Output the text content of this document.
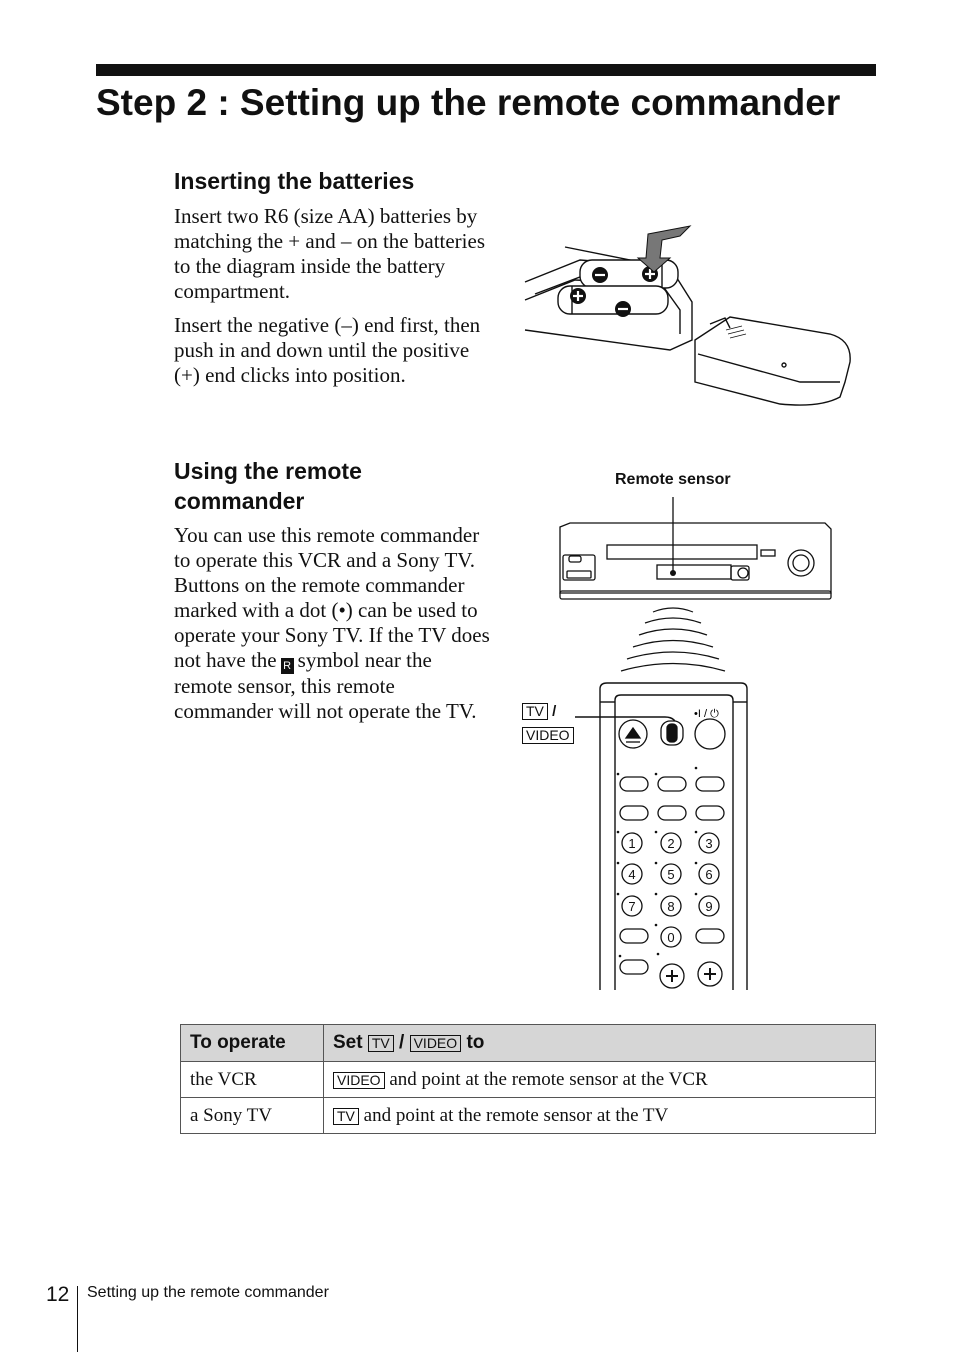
Step 2 : Setting up the remote commander
Inserting the batteries

Insert two R6 (size AA) batteries by matching the + and – on the batteries to the diagram inside the battery compartment.

Insert the negative (–) end first, then push in and down until the positive (+) end clicks into position.

Using the remote
commander

You can use this remote commander to operate this VCR and a Sony TV. Buttons on the remote commander marked with a dot (•) can be used to operate your Sony TV. If the TV does not have the R symbol near the remote sensor, this remote commander will not operate the TV.

Remote sensor
•I / ⏻
1 2 3
4 5 6
7 8 9
0
TV /
VIDEO
To operate	Set TV / VIDEO to
the VCR	VIDEO and point at the remote sensor at the VCR
a Sony TV	TV and point at the remote sensor at the TV
12 Setting up the remote commander
